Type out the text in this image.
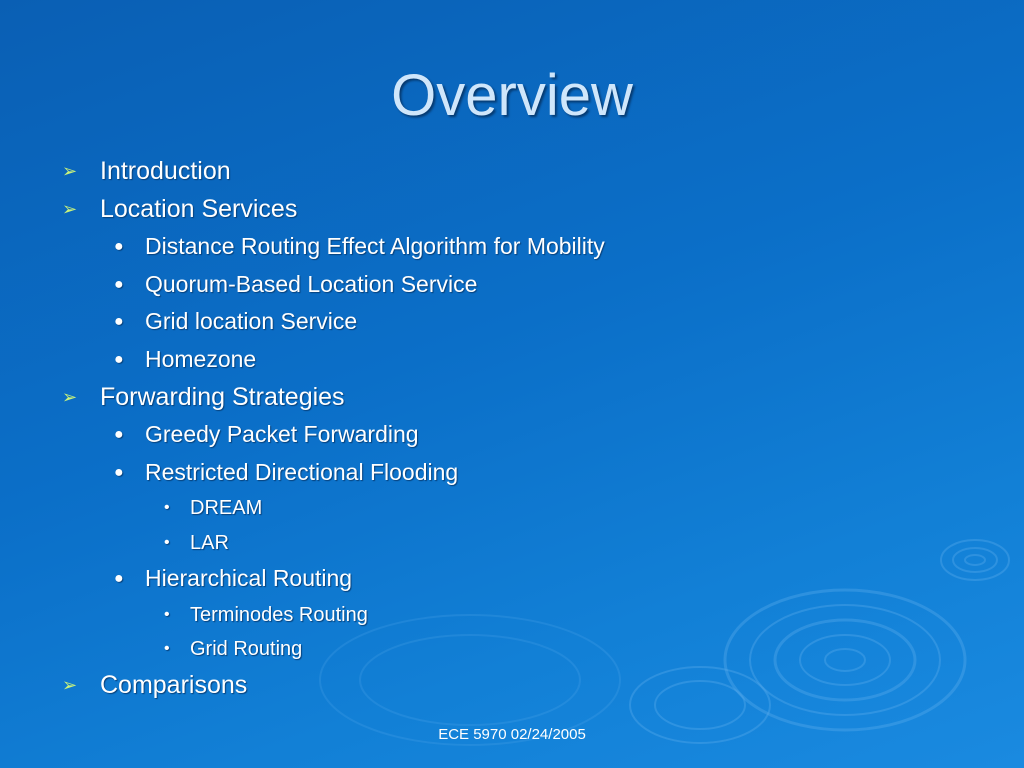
Overview
➢ Introduction
➢ Location Services
● Distance Routing Effect Algorithm for Mobility
● Quorum-Based Location Service
● Grid location Service
● Homezone
➢ Forwarding Strategies
● Greedy Packet Forwarding
● Restricted Directional Flooding
• DREAM
• LAR
● Hierarchical Routing
• Terminodes Routing
• Grid Routing
➢ Comparisons
ECE 5970 02/24/2005
